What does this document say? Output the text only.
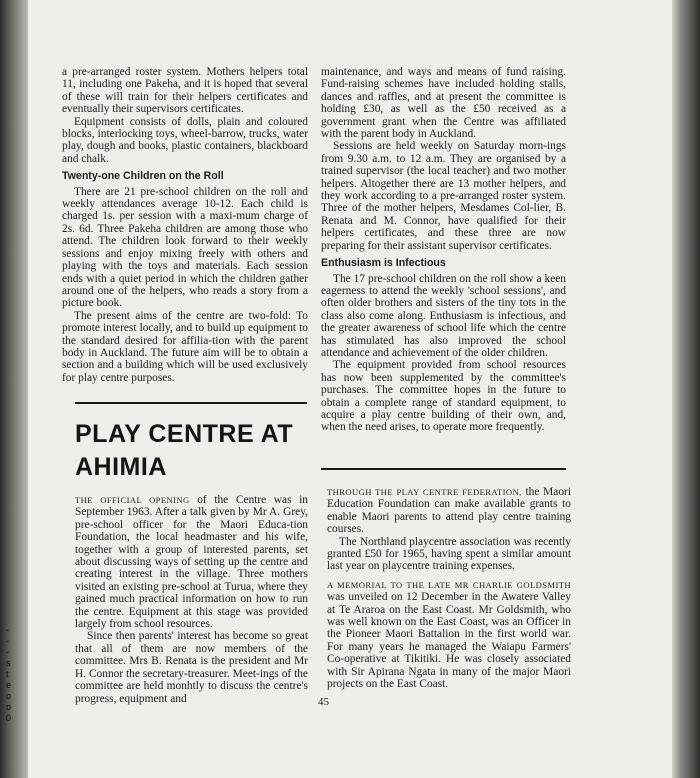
-
-
-
s
t
e
o
o
0

a pre-arranged roster system. Mothers helpers total 11, including one Pakeha, and it is hoped that several of these will train for their helpers certificates and eventually their supervisors certificates.

Equipment consists of dolls, plain and coloured blocks, interlocking toys, wheel-barrow, trucks, water play, dough and books, plastic containers, blackboard and chalk.

Twenty-one Children on the Roll

There are 21 pre-school children on the roll and weekly attendances average 10-12. Each child is charged 1s. per session with a maxi-mum charge of 2s. 6d. Three Pakeha children are among those who attend. The children look forward to their weekly sessions and enjoy mixing freely with others and playing with the toys and materials. Each session ends with a quiet period in which the children gather around one of the helpers, who reads a story from a picture book.

The present aims of the centre are two-fold: To promote interest locally, and to build up equipment to the standard desired for affilia-tion with the parent body in Auckland. The future aim will be to obtain a section and a building which will be used exclusively for play centre purposes.

maintenance, and ways and means of fund raising. Fund-raising schemes have included holding stalls, dances and raffles, and at present the committee is holding £30, as well as the £50 received as a government grant when the Centre was affiliated with the parent body in Auckland.

Sessions are held weekly on Saturday morn-ings from 9.30 a.m. to 12 a.m. They are organised by a trained supervisor (the local teacher) and two mother helpers. Altogether there are 13 mother helpers, and they work according to a pre-arranged roster system. Three of the mother helpers, Mesdames Col-lier, B. Renata and M. Connor, have qualified for their helpers certificates, and these three are now preparing for their assistant supervisor certificates.

Enthusiasm is Infectious

The 17 pre-school children on the roll show a keen eagerness to attend the weekly 'school sessions', and often older brothers and sisters of the tiny tots in the class also come along. Enthusiasm is infectious, and the greater awareness of school life which the centre has stimulated has also improved the school attendance and achievement of the older children.

The equipment provided from school resources has now been supplemented by the committee's purchases. The committee hopes in the future to obtain a complete range of standard equipment, to acquire a play centre building of their own, and, when the need arises, to operate more frequently.

PLAY CENTRE AT
AHIMIA

THE OFFICIAL OPENING of the Centre was in September 1963. After a talk given by Mr A. Grey, pre-school officer for the Maori Educa-tion Foundation, the local headmaster and his wife, together with a group of interested parents, set about discussing ways of setting up the centre and creating interest in the village. Three mothers visited an existing pre-school at Turua, where they gained much practical information on how to run the centre. Equipment at this stage was provided largely from school resources.

Since then parents' interest has become so great that all of them are now members of the committee. Mrs B. Renata is the president and Mr H. Connor the secretary-treasurer. Meet-ings of the committee are held monhtly to discuss the centre's progress, equipment and

THROUGH THE PLAY CENTRE FEDERATION, the Maori Education Foundation can make available grants to enable Maori parents to attend play centre training courses.

The Northland playcentre association was recently granted £50 for 1965, having spent a similar amount last year on playcentre training expenses.

A MEMORIAL TO THE LATE MR CHARLIE GOLDSMITH was unveiled on 12 December in the Awatere Valley at Te Araroa on the East Coast. Mr Goldsmith, who was well known on the East Coast, was an Officer in the Pioneer Maori Battalion in the first world war. For many years he managed the Waiapu Farmers' Co-operative at Tikitiki. He was closely associated with Sir Apirana Ngata in many of the major Maori projects on the East Coast.

45
